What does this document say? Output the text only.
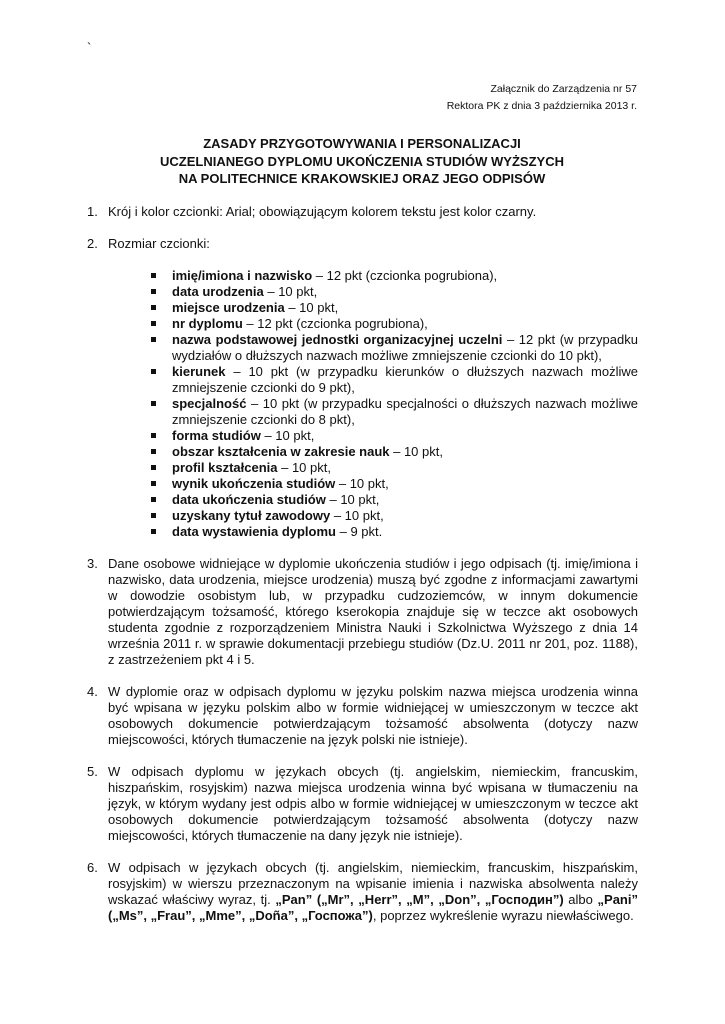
`
Załącznik do Zarządzenia nr 57
Rektora PK z dnia 3 października 2013 r.
ZASADY PRZYGOTOWYWANIA I PERSONALIZACJI
UCZELNIANEGO DYPLOMU UKOŃCZENIA STUDIÓW WYŻSZYCH
NA POLITECHNICE KRAKOWSKIEJ ORAZ JEGO ODPISÓW
1. Krój i kolor czcionki: Arial; obowiązującym kolorem tekstu jest kolor czarny.

2. Rozmiar czcionki:

imię/imiona i nazwisko – 12 pkt (czcionka pogrubiona),
data urodzenia – 10 pkt,
miejsce urodzenia – 10 pkt,
nr dyplomu – 12 pkt (czcionka pogrubiona),
nazwa podstawowej jednostki organizacyjnej uczelni – 12 pkt (w przypadku wydziałów o dłuższych nazwach możliwe zmniejszenie czcionki do 10 pkt),
kierunek – 10 pkt (w przypadku kierunków o dłuższych nazwach możliwe zmniejszenie czcionki do 9 pkt),
specjalność – 10 pkt (w przypadku specjalności o dłuższych nazwach możliwe zmniejszenie czcionki do 8 pkt),
forma studiów – 10 pkt,
obszar kształcenia w zakresie nauk – 10 pkt,
profil kształcenia – 10 pkt,
wynik ukończenia studiów – 10 pkt,
data ukończenia studiów – 10 pkt,
uzyskany tytuł zawodowy – 10 pkt,
data wystawienia dyplomu – 9 pkt.
3. Dane osobowe widniejące w dyplomie ukończenia studiów i jego odpisach (tj. imię/imiona i nazwisko, data urodzenia, miejsce urodzenia) muszą być zgodne z informacjami zawartymi w dowodzie osobistym lub, w przypadku cudzoziemców, w innym dokumencie potwierdzającym tożsamość, którego kserokopia znajduje się w teczce akt osobowych studenta zgodnie z rozporządzeniem Ministra Nauki i Szkolnictwa Wyższego z dnia 14 września 2011 r. w sprawie dokumentacji przebiegu studiów (Dz.U. 2011 nr 201, poz. 1188), z zastrzeżeniem pkt 4 i 5.

4. W dyplomie oraz w odpisach dyplomu w języku polskim nazwa miejsca urodzenia winna być wpisana w języku polskim albo w formie widniejącej w umieszczonym w teczce akt osobowych dokumencie potwierdzającym tożsamość absolwenta (dotyczy nazw miejscowości, których tłumaczenie na język polski nie istnieje).

5. W odpisach dyplomu w językach obcych (tj. angielskim, niemieckim, francuskim, hiszpańskim, rosyjskim) nazwa miejsca urodzenia winna być wpisana w tłumaczeniu na język, w którym wydany jest odpis albo w formie widniejącej w umieszczonym w teczce akt osobowych dokumencie potwierdzającym tożsamość absolwenta (dotyczy nazw miejscowości, których tłumaczenie na dany język nie istnieje).

6. W odpisach w językach obcych (tj. angielskim, niemieckim, francuskim, hiszpańskim, rosyjskim) w wierszu przeznaczonym na wpisanie imienia i nazwiska absolwenta należy wskazać właściwy wyraz, tj. „Pan” („Mr”, „Herr”, „M”, „Don”, „Господин”) albo „Pani” („Ms”, „Frau”, „Mme”, „Doña”, „Госпожа”), poprzez wykreślenie wyrazu niewłaściwego.
